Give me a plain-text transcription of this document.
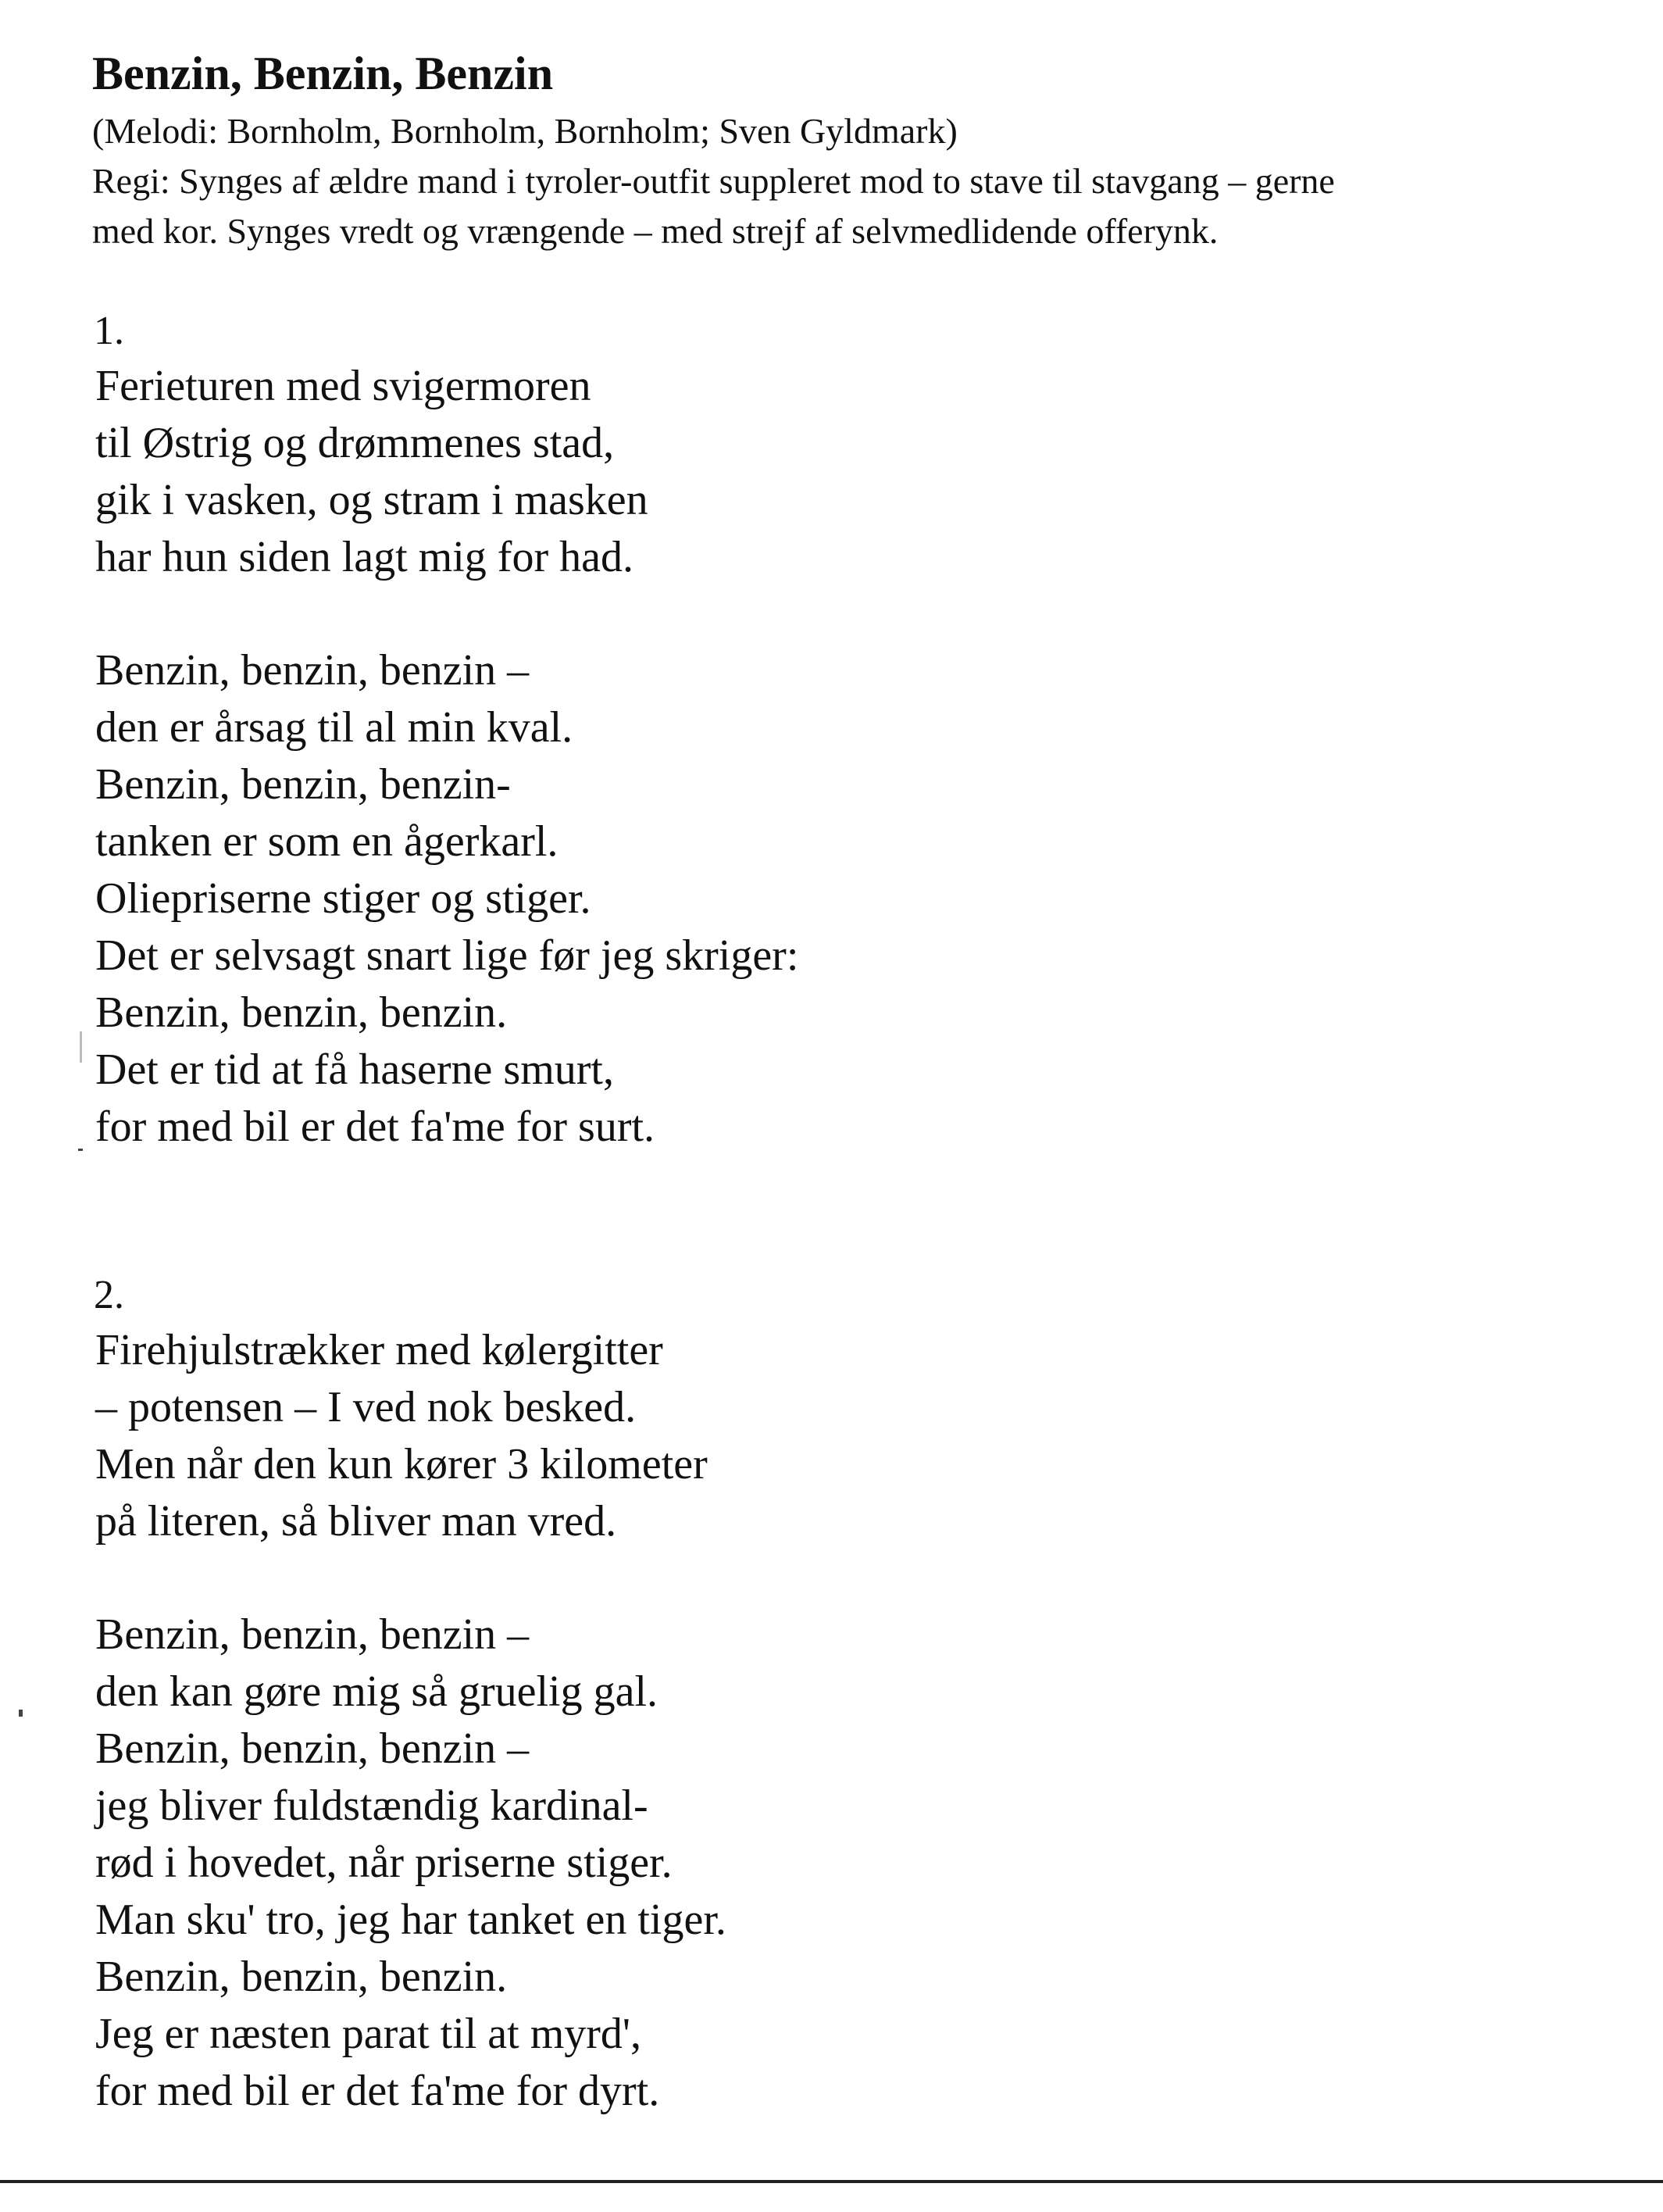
Benzin, Benzin, Benzin
(Melodi: Bornholm, Bornholm, Bornholm; Sven Gyldmark)
Regi: Synges af ældre mand i tyroler-outfit suppleret mod to stave til stavgang – gerne
med kor. Synges vredt og vrængende – med strejf af selvmedlidende offerynk.
1.
Ferieturen med svigermoren
til Østrig og drømmenes stad,
gik i vasken, og stram i masken
har hun siden lagt mig for had.
Benzin, benzin, benzin –
den er årsag til al min kval.
Benzin, benzin, benzin-
tanken er som en ågerkarl.
Oliepriserne stiger og stiger.
Det er selvsagt snart lige før jeg skriger:
Benzin, benzin, benzin.
Det er tid at få haserne smurt,
for med bil er det fa'me for surt.
2.
Firehjulstrækker med kølergitter
– potensen – I ved nok besked.
Men når den kun kører 3 kilometer
på literen, så bliver man vred.
Benzin, benzin, benzin –
den kan gøre mig så gruelig gal.
Benzin, benzin, benzin –
jeg bliver fuldstændig kardinal-
rød i hovedet, når priserne stiger.
Man sku' tro, jeg har tanket en tiger.
Benzin, benzin, benzin.
Jeg er næsten parat til at myrd',
for med bil er det fa'me for dyrt.
